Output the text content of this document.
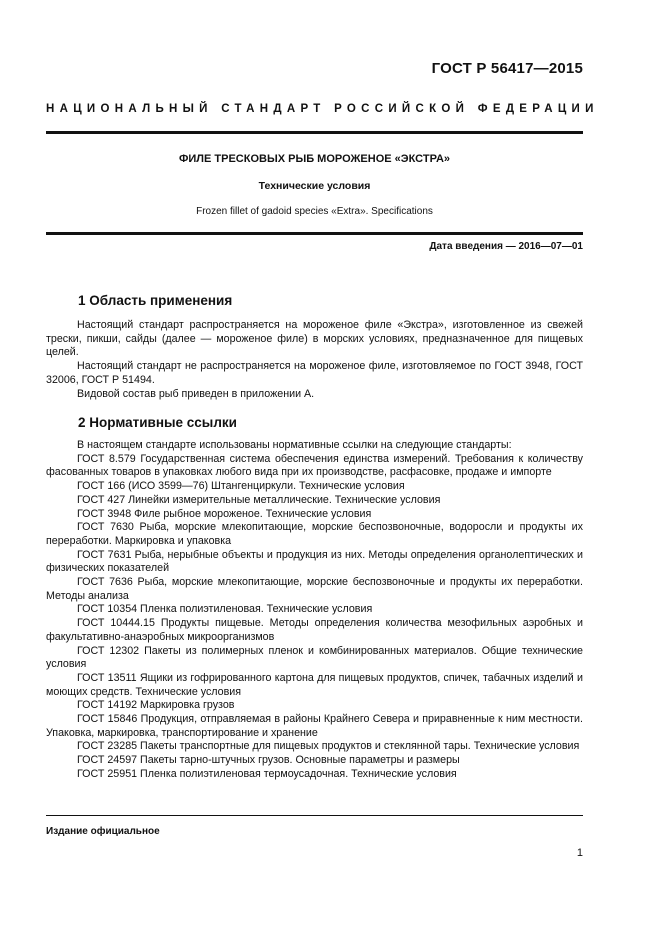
ГОСТ Р 56417—2015
НАЦИОНАЛЬНЫЙ СТАНДАРТ РОССИЙСКОЙ ФЕДЕРАЦИИ
ФИЛЕ ТРЕСКОВЫХ РЫБ МОРОЖЕНОЕ «ЭКСТРА»
Технические условия
Frozen fillet of gadoid species «Extra». Specifications
Дата введения — 2016—07—01
1 Область применения

Настоящий стандарт распространяется на мороженое филе «Экстра», изготовленное из свежей трески, пикши, сайды (далее — мороженое филе) в морских условиях, предназначенное для пищевых целей.

Настоящий стандарт не распространяется на мороженое филе, изготовляемое по ГОСТ 3948, ГОСТ 32006, ГОСТ Р 51494.

Видовой состав рыб приведен в приложении А.

2 Нормативные ссылки

В настоящем стандарте использованы нормативные ссылки на следующие стандарты:

ГОСТ 8.579 Государственная система обеспечения единства измерений. Требования к количеству фасованных товаров в упаковках любого вида при их производстве, расфасовке, продаже и импорте

ГОСТ 166 (ИСО 3599—76) Штангенциркули. Технические условия

ГОСТ 427 Линейки измерительные металлические. Технические условия

ГОСТ 3948 Филе рыбное мороженое. Технические условия

ГОСТ 7630 Рыба, морские млекопитающие, морские беспозвоночные, водоросли и продукты их переработки. Маркировка и упаковка

ГОСТ 7631 Рыба, нерыбные объекты и продукция из них. Методы определения органолептических и физических показателей

ГОСТ 7636 Рыба, морские млекопитающие, морские беспозвоночные и продукты их переработки. Методы анализа

ГОСТ 10354 Пленка полиэтиленовая. Технические условия

ГОСТ 10444.15 Продукты пищевые. Методы определения количества мезофильных аэробных и факультативно-анаэробных микроорганизмов

ГОСТ 12302 Пакеты из полимерных пленок и комбинированных материалов. Общие технические условия

ГОСТ 13511 Ящики из гофрированного картона для пищевых продуктов, спичек, табачных изделий и моющих средств. Технические условия

ГОСТ 14192 Маркировка грузов

ГОСТ 15846 Продукция, отправляемая в районы Крайнего Севера и приравненные к ним местности. Упаковка, маркировка, транспортирование и хранение

ГОСТ 23285 Пакеты транспортные для пищевых продуктов и стеклянной тары. Технические условия

ГОСТ 24597 Пакеты тарно-штучных грузов. Основные параметры и размеры

ГОСТ 25951 Пленка полиэтиленовая термоусадочная. Технические условия

Издание официальное
1
